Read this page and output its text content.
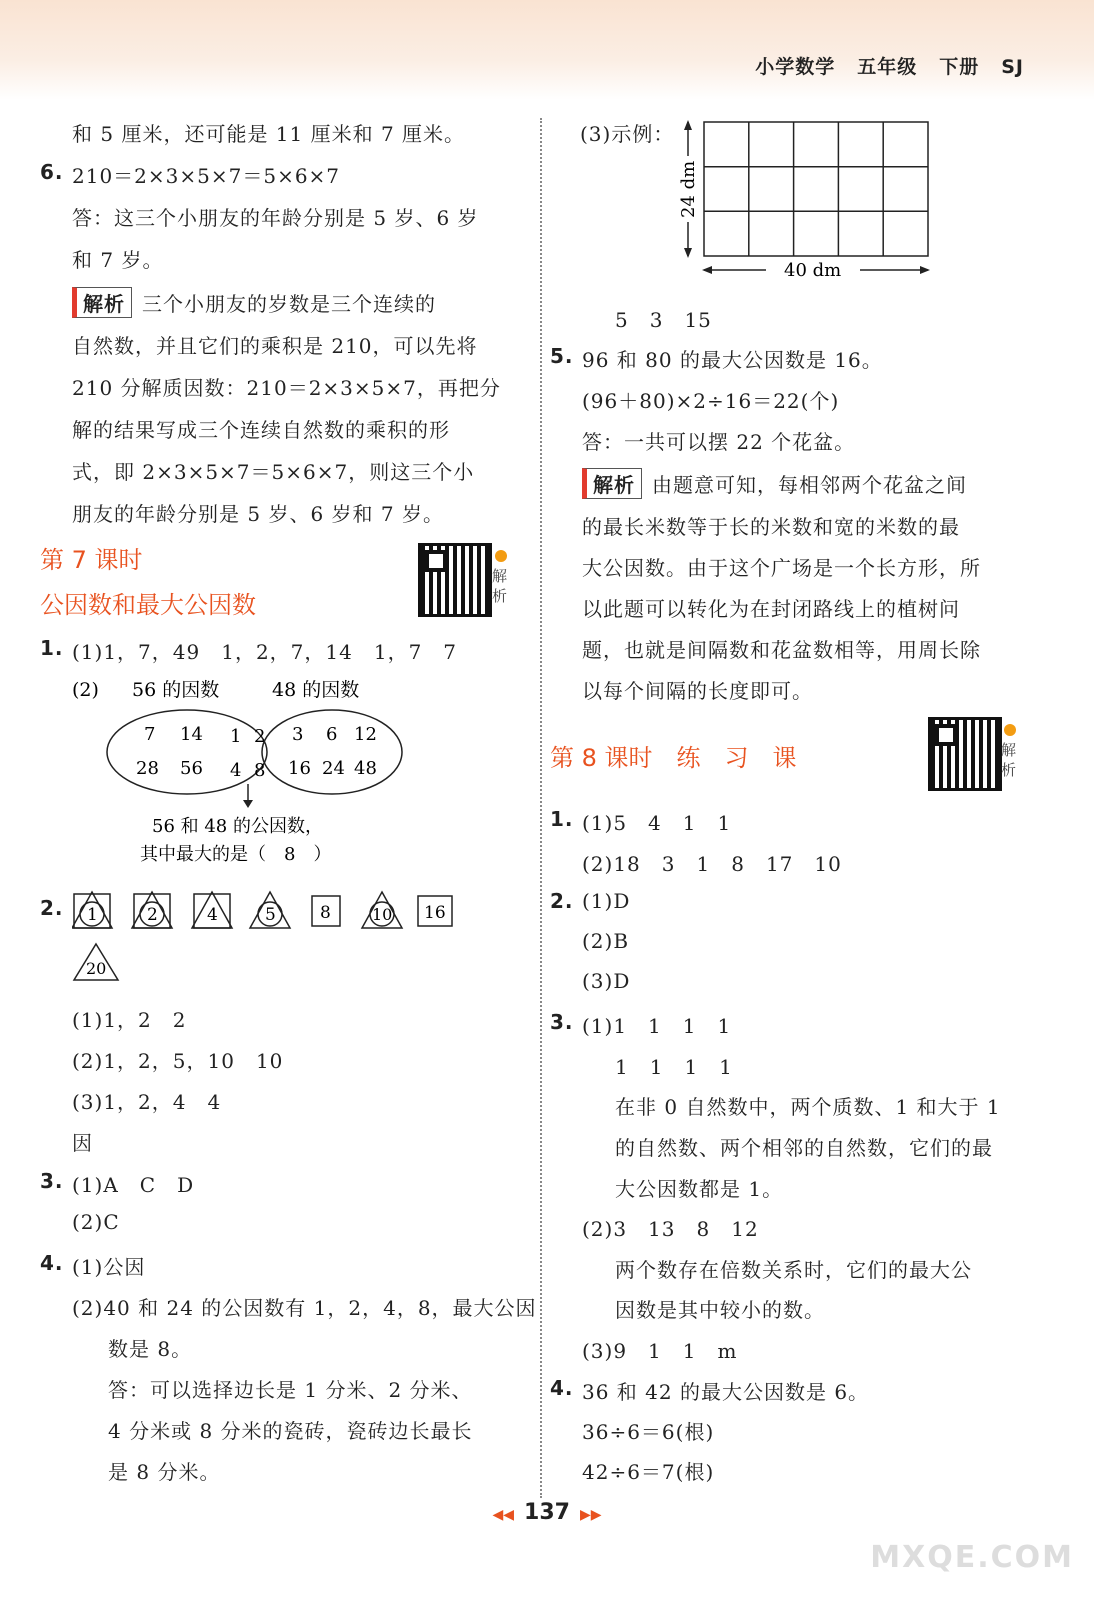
小学数学 五年级 下册 SJ
和 5 厘米，还可能是 11 厘米和 7 厘米。
6. 210＝2×3×5×7＝5×6×7
答：这三个小朋友的年龄分别是 5 岁、6 岁
和 7 岁。
解析 三个小朋友的岁数是三个连续的
自然数，并且它们的乘积是 210，可以先将
210 分解质因数：210＝2×3×5×7，再把分
解的结果写成三个连续自然数的乘积的形
式，即 2×3×5×7＝5×6×7，则这三个小
朋友的年龄分别是 5 岁、6 岁和 7 岁。
第 7 课时
公因数和最大公因数
解析
1. (1)1，7，49　1，2，7，14　1，7　7
(2) 56 的因数	48 的因数
7 14
28 56
1 2
4 8
3 6 12
16 24 48
56 和 48 的公因数，
其中最大的是（　8　）
2. 1	2	4	5	8	10 16
20
(1)1，2　2
(2)1，2，5，10　10
(3)1，2，4　4
因
3. (1)A　C　D
(2)C
4. (1)公因
(2)40 和 24 的公因数有 1，2，4，8，最大公因
数是 8。
答：可以选择边长是 1 分米、2 分米、
4 分米或 8 分米的瓷砖，瓷砖边长最长
是 8 分米。
(3)示例：
24 dm
40 dm
5　3　15
5. 96 和 80 的最大公因数是 16。
(96＋80)×2÷16＝22(个)
答：一共可以摆 22 个花盆。
解析 由题意可知，每相邻两个花盆之间
的最长米数等于长的米数和宽的米数的最
大公因数。由于这个广场是一个长方形，所
以此题可以转化为在封闭路线上的植树问
题，也就是间隔数和花盆数相等，用周长除
以每个间隔的长度即可。
第 8 课时　练　习　课	解析
1. (1)5　4　1　1
(2)18　3　1　8　17　10
2. (1)D
(2)B
(3)D
3. (1)1　1　1　1
1　1　1　1
在非 0 自然数中，两个质数、1 和大于 1
的自然数、两个相邻的自然数，它们的最
大公因数都是 1。
(2)3　13　8　12
两个数存在倍数关系时，它们的最大公
因数是其中较小的数。
(3)9　1　1　m
4. 36 和 42 的最大公因数是 6。
36÷6＝6(根)
42÷6＝7(根)
◀◀ 137 ▶▶
MXQE.COM
